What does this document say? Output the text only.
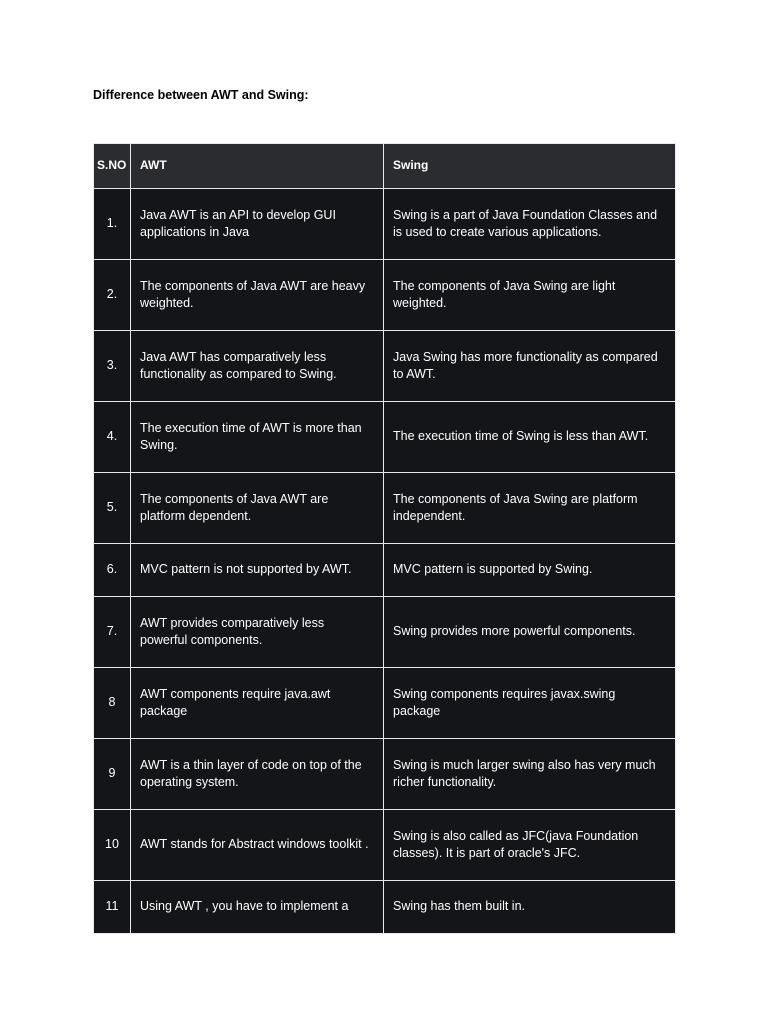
Difference between AWT and Swing:
S.NO	AWT	Swing
1.	Java AWT is an API to develop GUI applications in Java	Swing is a part of Java Foundation Classes and is used to create various applications.
2.	The components of Java AWT are heavy weighted.	The components of Java Swing are light weighted.
3.	Java AWT has comparatively less functionality as compared to Swing.	Java Swing has more functionality as compared to AWT.
4.	The execution time of AWT is more than Swing.	The execution time of Swing is less than AWT.
5.	The components of Java AWT are platform dependent.	The components of Java Swing are platform independent.
6.	MVC pattern is not supported by AWT.	MVC pattern is supported by Swing.
7.	AWT provides comparatively less powerful components.	Swing provides more powerful components.
8	AWT components require java.awt package	Swing components requires javax.swing package
9	AWT is a thin layer of code on top of the operating system.	Swing is much larger swing also has very much richer functionality.
10	AWT stands for Abstract windows toolkit .	Swing is also called as JFC(java Foundation classes). It is part of oracle's JFC.
11	Using AWT , you have to implement a	Swing has them built in.
